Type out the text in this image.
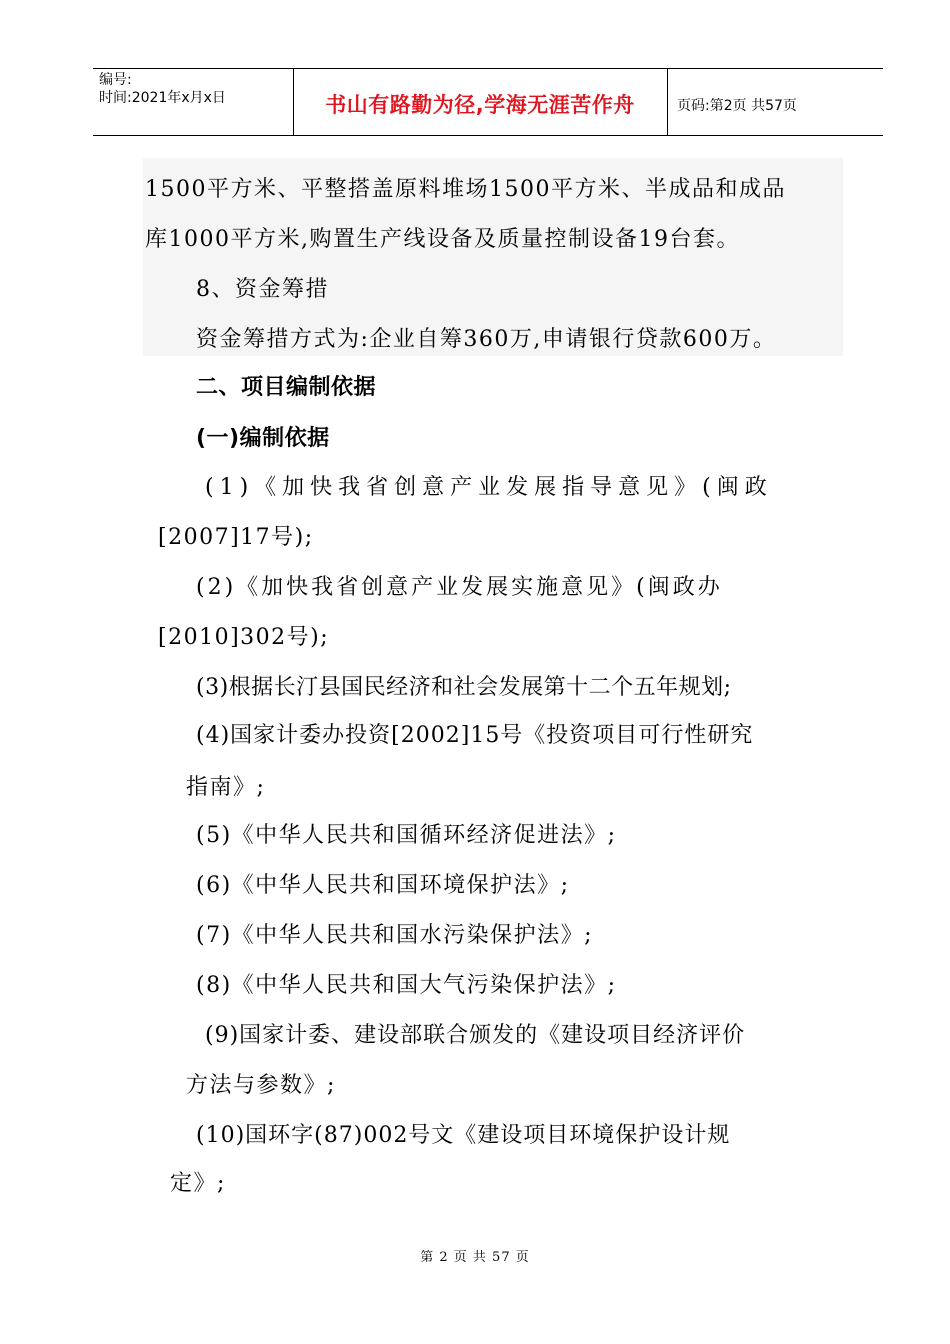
编号:
时间:2021年x月x日	书山有路勤为径,学海无涯苦作舟	页码:第2页 共57页
1500平方米、平整搭盖原料堆场1500平方米、半成品和成品
库1000平方米,购置生产线设备及质量控制设备19台套。
8、资金筹措
资金筹措方式为:企业自筹360万,申请银行贷款600万。
二、项目编制依据
(一)编制依据
(1)《加快我省创意产业发展指导意见》(闽政
[2007]17号);
(2)《加快我省创意产业发展实施意见》(闽政办
[2010]302号);
(3)根据长汀县国民经济和社会发展第十二个五年规划;
(4)国家计委办投资[2002]15号《投资项目可行性研究
指南》;
(5)《中华人民共和国循环经济促进法》;
(6)《中华人民共和国环境保护法》;
(7)《中华人民共和国水污染保护法》;
(8)《中华人民共和国大气污染保护法》;
(9)国家计委、建设部联合颁发的《建设项目经济评价
方法与参数》;
(10)国环字(87)002号文《建设项目环境保护设计规
定》;
第 2 页 共 57 页
